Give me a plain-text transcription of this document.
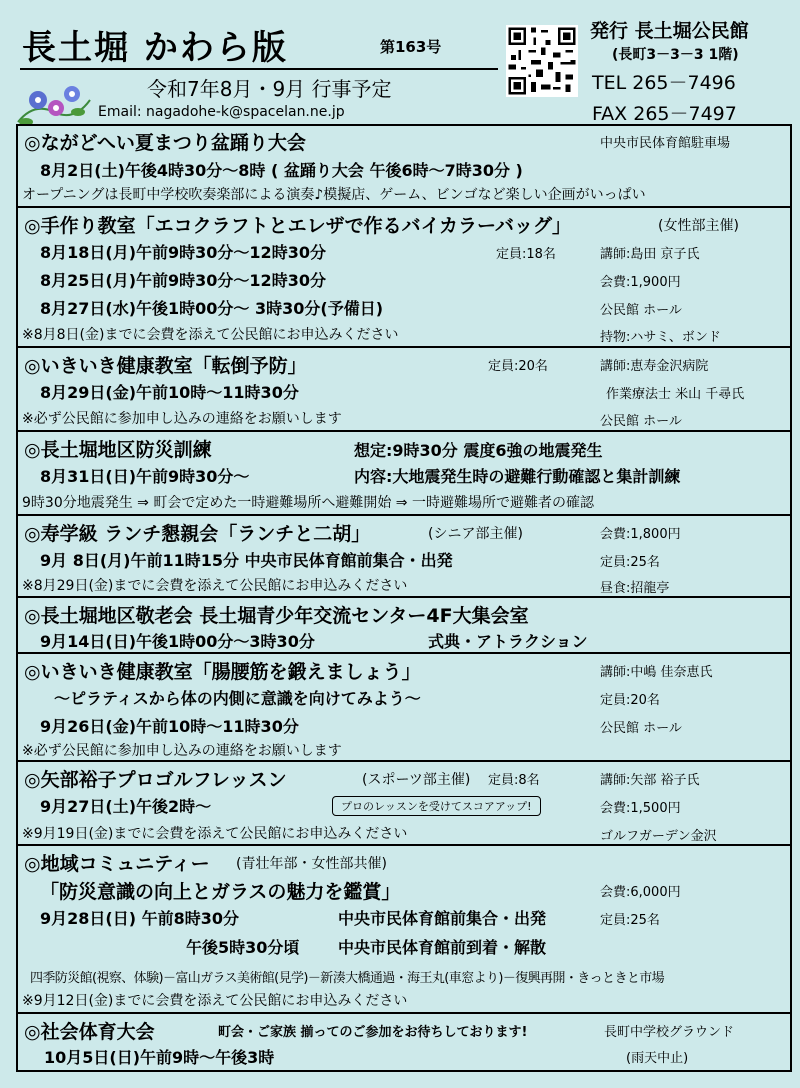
長土堀 かわら版	第163号
令和7年8月・9月 行事予定
Email: nagadohe-k@spacelan.ne.jp
発行 長土堀公民館
(長町3－3－3 1階)
TEL 265－7496
FAX 265－7497
◎ながどへい夏まつり盆踊り大会	中央市民体育館駐車場
8月2日(土)午後4時30分～8時 ( 盆踊り大会 午後6時～7時30分 )
オープニングは長町中学校吹奏楽部による演奏♪模擬店、ゲーム、ビンゴなど楽しい企画がいっぱい
◎手作り教室「エコクラフトとエレザで作るバイカラーバッグ」	(女性部主催)
8月18日(月)午前9時30分～12時30分	定員:18名	講師:島田 京子氏
8月25日(月)午前9時30分～12時30分	会費:1,900円
8月27日(水)午後1時00分～ 3時30分(予備日)	公民館 ホール
※8月8日(金)までに会費を添えて公民館にお申込みください	持物:ハサミ、ボンド
◎いきいき健康教室「転倒予防」	定員:20名	講師:恵寿金沢病院
8月29日(金)午前10時～11時30分	作業療法士 米山 千尋氏
※必ず公民館に参加申し込みの連絡をお願いします	公民館 ホール
◎長土堀地区防災訓練	想定:9時30分 震度6強の地震発生
8月31日(日)午前9時30分～	内容:大地震発生時の避難行動確認と集計訓練
9時30分地震発生 ⇒ 町会で定めた一時避難場所へ避難開始 ⇒ 一時避難場所で避難者の確認
◎寿学級 ランチ懇親会「ランチと二胡」	(シニア部主催)	会費:1,800円
9月 8日(月)午前11時15分 中央市民体育館前集合・出発	定員:25名
※8月29日(金)までに会費を添えて公民館にお申込みください	昼食:招龍亭
◎長土堀地区敬老会 長土堀青少年交流センター4F大集会室
9月14日(日)午後1時00分～3時30分	式典・アトラクション
◎いきいき健康教室「腸腰筋を鍛えましょう」	講師:中嶋 佳奈恵氏
～ピラティスから体の内側に意識を向けてみよう～	定員:20名
9月26日(金)午前10時～11時30分	公民館 ホール
※必ず公民館に参加申し込みの連絡をお願いします
◎矢部裕子プロゴルフレッスン	(スポーツ部主催) 定員:8名	講師:矢部 裕子氏
9月27日(土)午後2時～	プロのレッスンを受けてスコアアップ!	会費:1,500円
※9月19日(金)までに会費を添えて公民館にお申込みください	ゴルフガーデン金沢
◎地域コミュニティー (青壮年部・女性部共催)
「防災意識の向上とガラスの魅力を鑑賞」	会費:6,000円
9月28日(日) 午前8時30分	中央市民体育館前集合・出発	定員:25名
午後5時30分頃 中央市民体育館前到着・解散
四季防災館(視察、体験)－富山ガラス美術館(見学)－新湊大橋通過・海王丸(車窓より)－復興再開・きっときと市場
※9月12日(金)までに会費を添えて公民館にお申込みください
◎社会体育大会	町会・ご家族 揃ってのご参加をお待ちしております!	長町中学校グラウンド
10月5日(日)午前9時～午後3時	(雨天中止)
